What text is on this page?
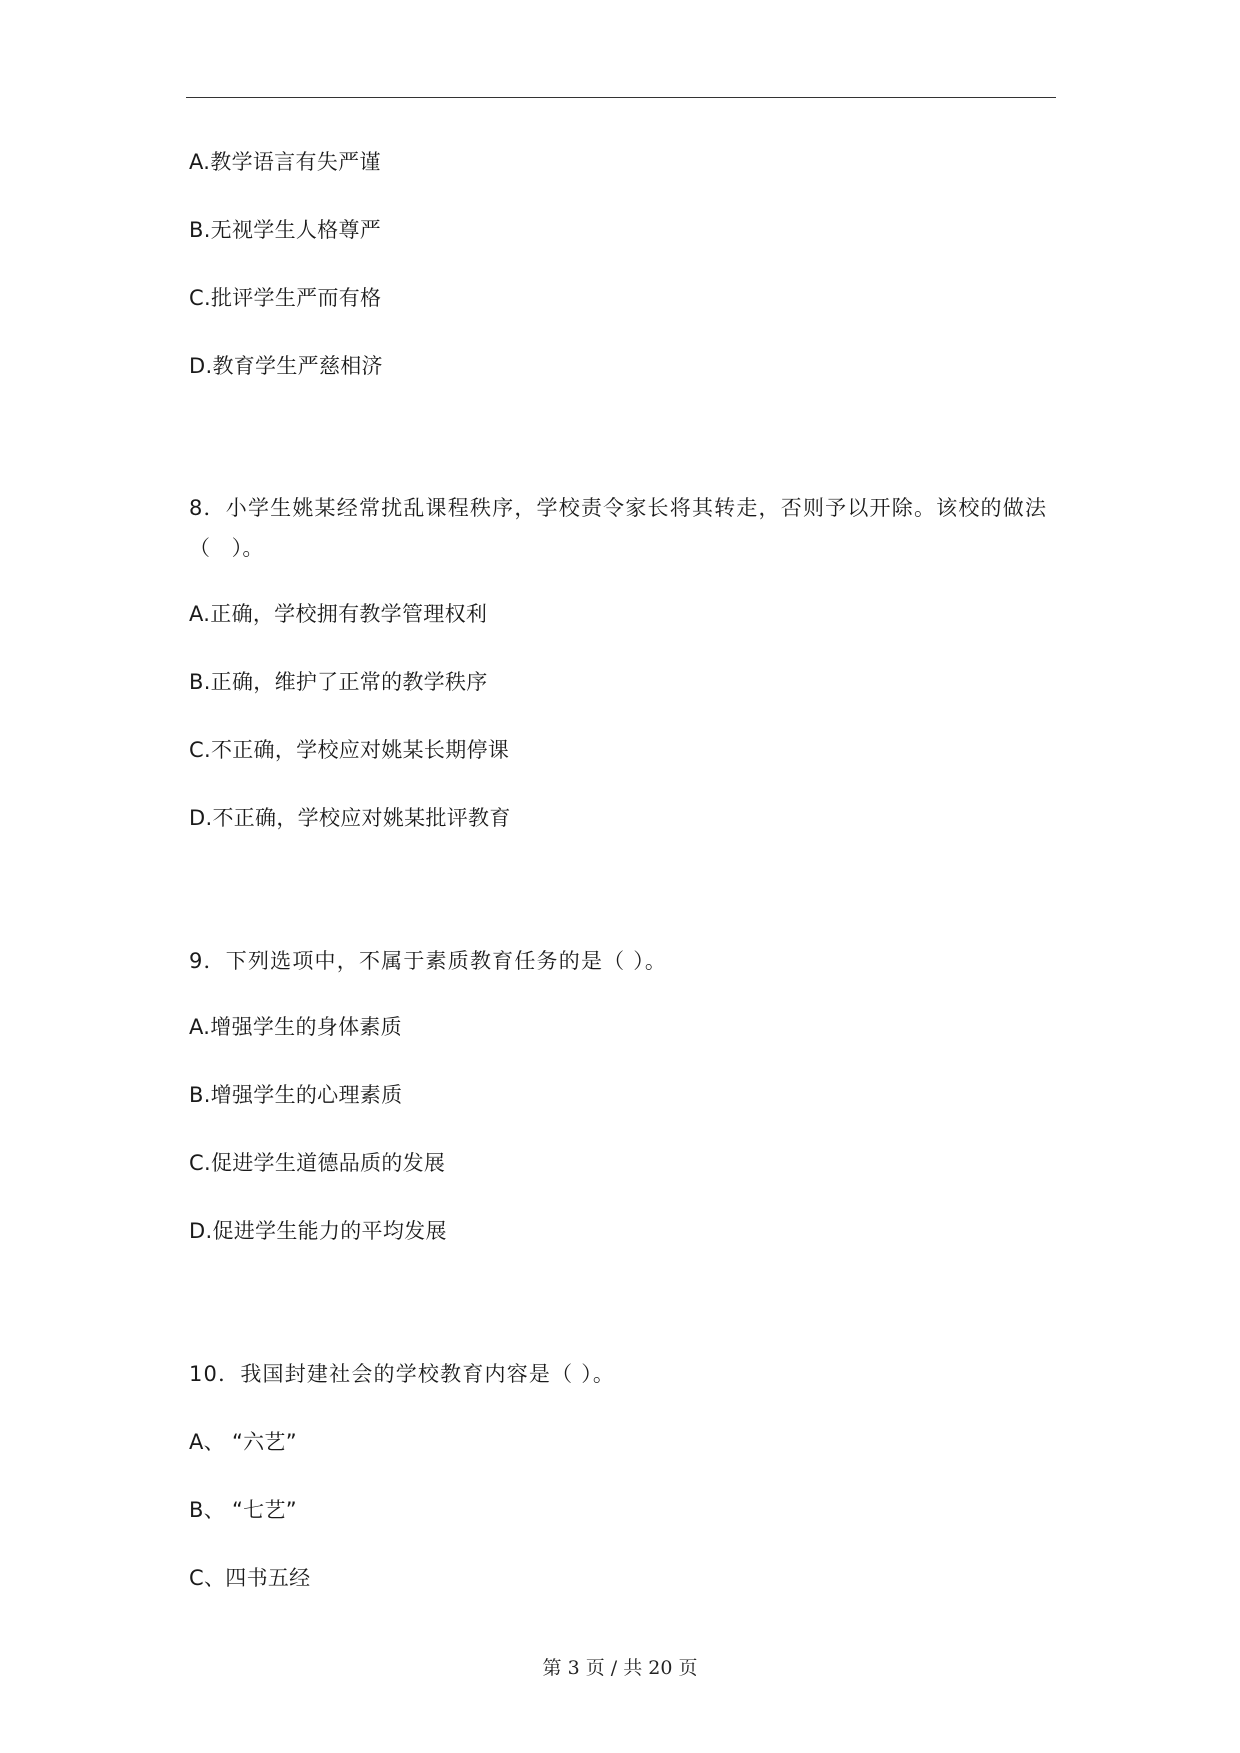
A.教学语言有失严谨
B.无视学生人格尊严
C.批评学生严而有格
D.教育学生严慈相济
8．小学生姚某经常扰乱课程秩序，学校责令家长将其转走，否则予以开除。该校的做法
（　）。
A.正确，学校拥有教学管理权利
B.正确，维护了正常的教学秩序
C.不正确，学校应对姚某长期停课
D.不正确，学校应对姚某批评教育
9．下列选项中，不属于素质教育任务的是（ ）。
A.增强学生的身体素质
B.增强学生的心理素质
C.促进学生道德品质的发展
D.促进学生能力的平均发展
10．我国封建社会的学校教育内容是（ ）。
A、 “六艺”
B、 “七艺”
C、四书五经
第 3 页 / 共 20 页
